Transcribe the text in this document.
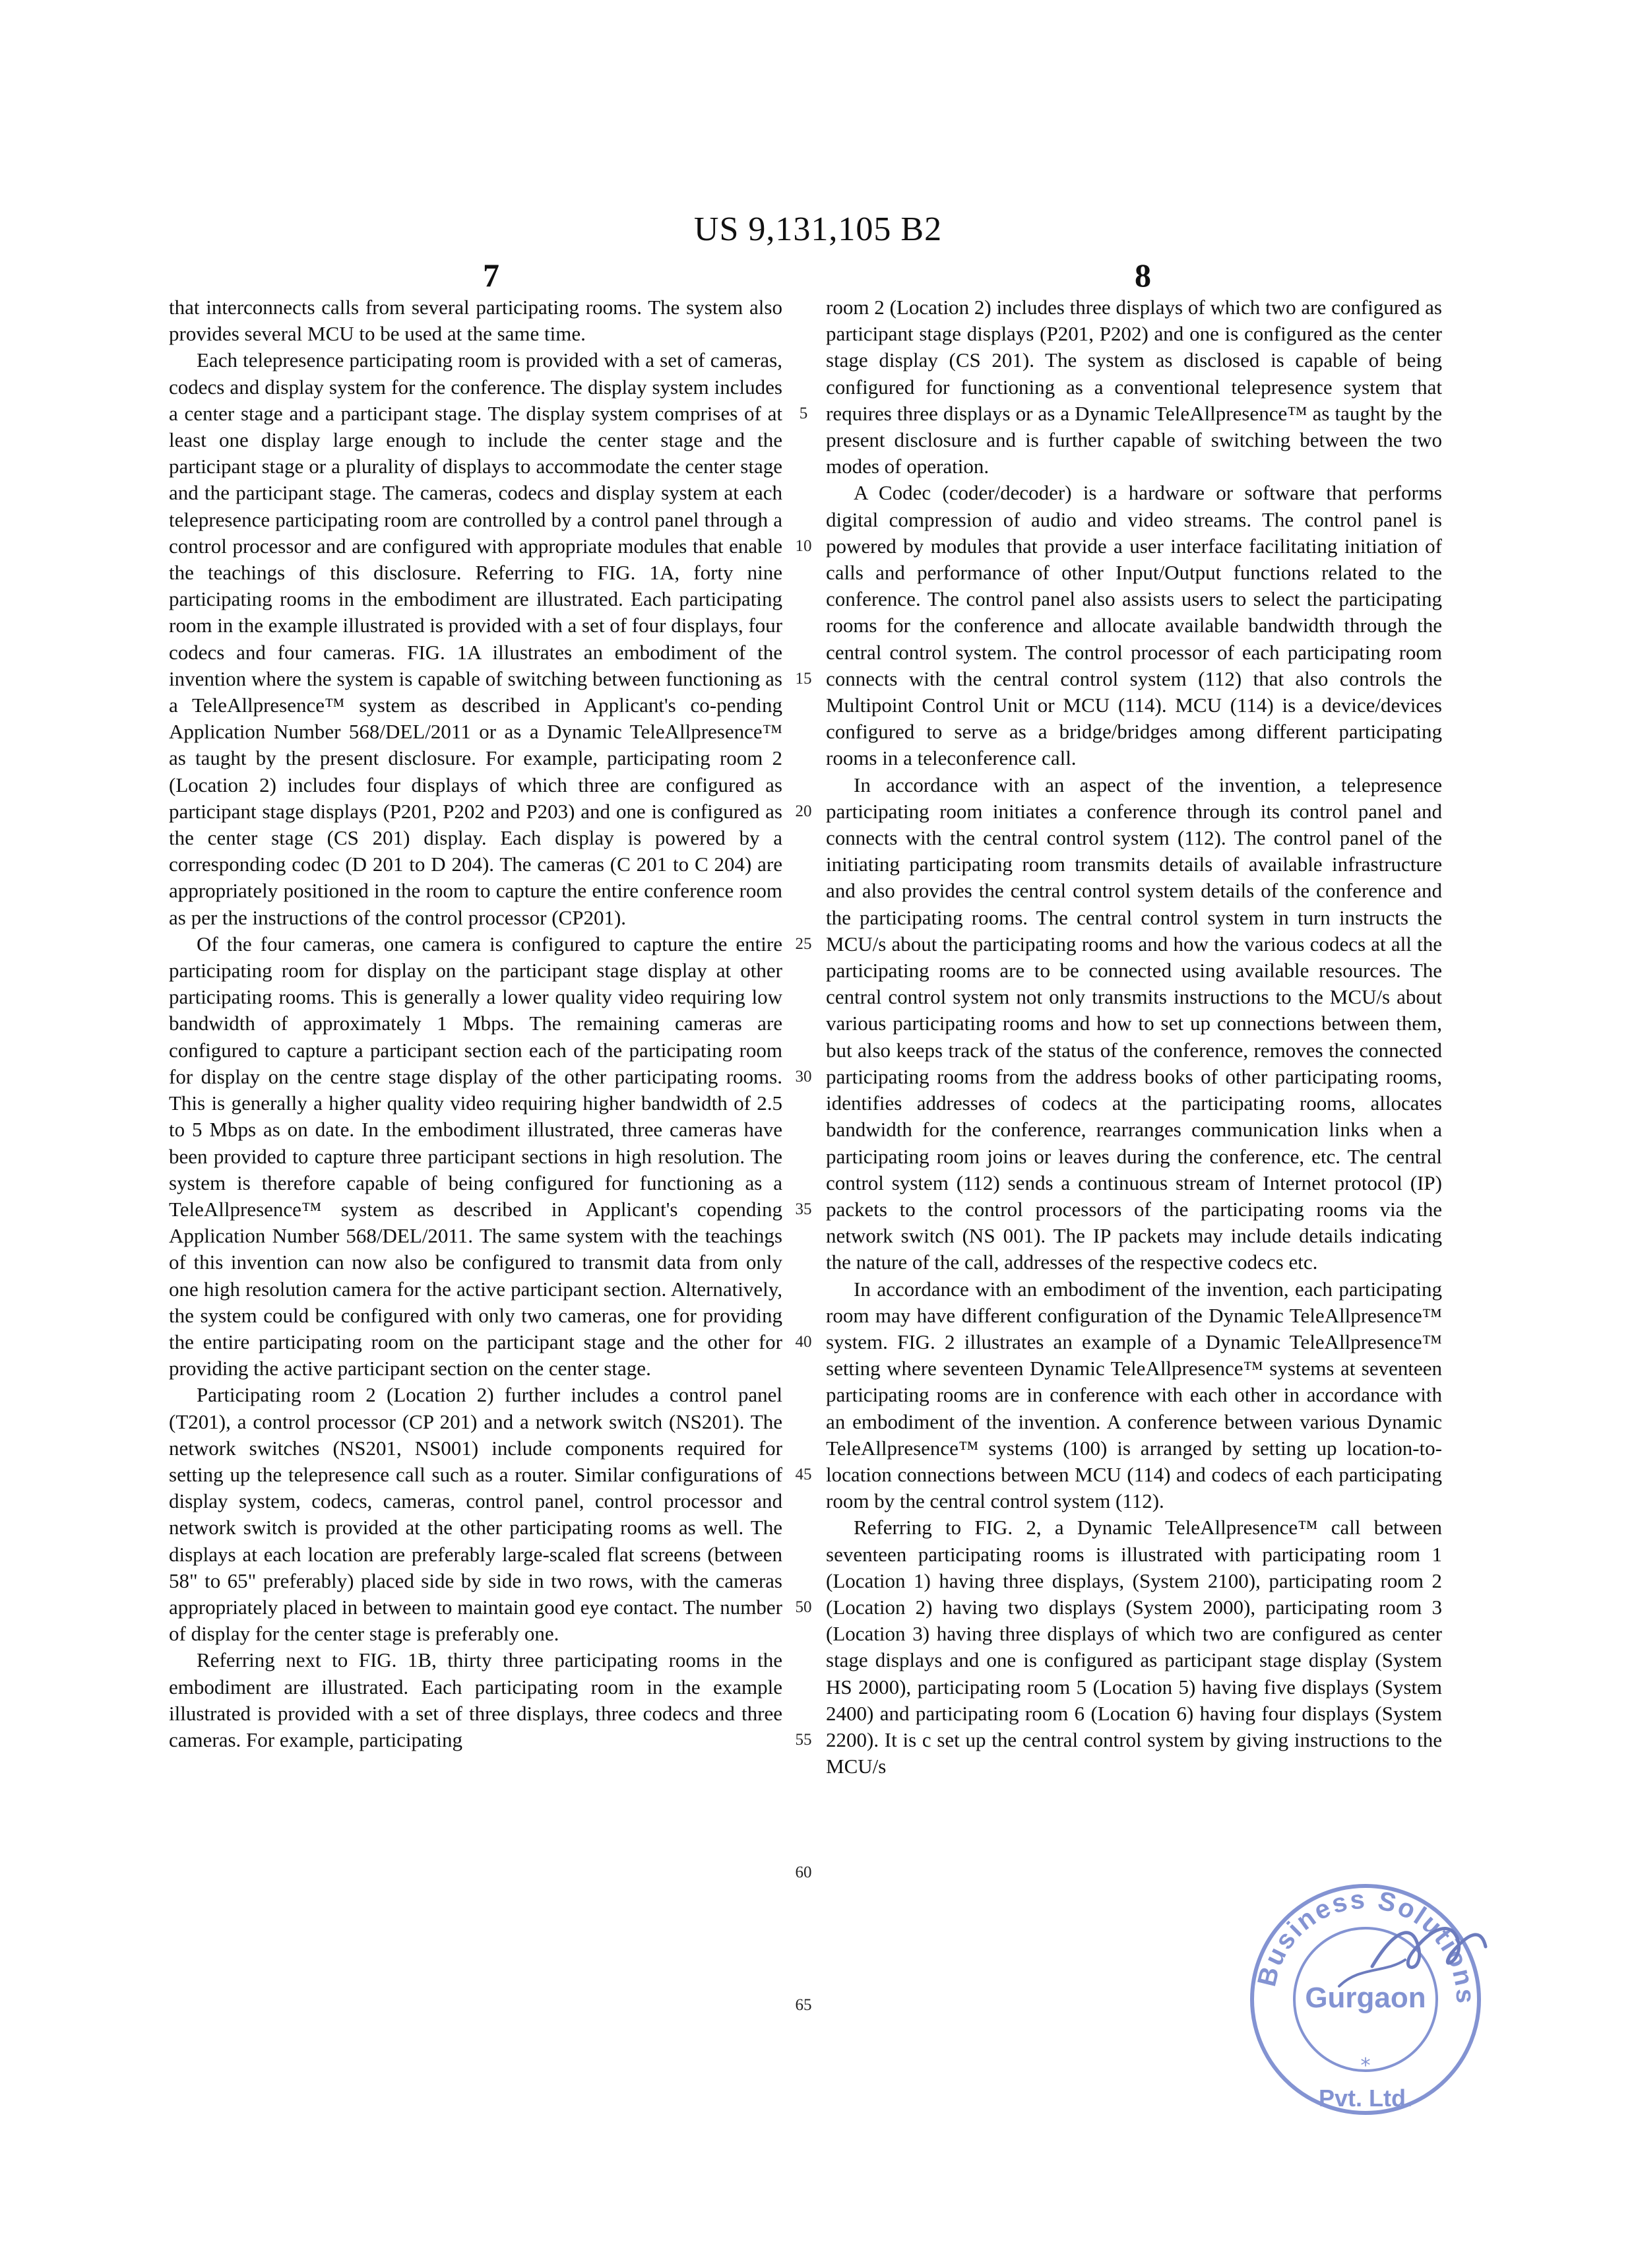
US 9,131,105 B2
7	8

that interconnects calls from several participating rooms. The system also provides several MCU to be used at the same time.

Each telepresence participating room is provided with a set of cameras, codecs and display system for the conference. The display system includes a center stage and a participant stage. The display system comprises of at least one display large enough to include the center stage and the participant stage or a plurality of displays to accommodate the center stage and the participant stage. The cameras, codecs and display system at each telepresence participating room are controlled by a control panel through a control processor and are configured with appropriate modules that enable the teachings of this disclosure. Referring to FIG. 1A, forty nine participating rooms in the embodiment are illustrated. Each participating room in the example illustrated is provided with a set of four displays, four codecs and four cameras. FIG. 1A illustrates an embodiment of the invention where the system is capable of switching between functioning as a TeleAllpresence™ system as described in Applicant's co-pending Application Number 568/DEL/2011 or as a Dynamic TeleAllpresence™ as taught by the present disclosure. For example, participating room 2 (Location 2) includes four displays of which three are configured as participant stage displays (P201, P202 and P203) and one is configured as the center stage (CS 201) display. Each display is powered by a corresponding codec (D 201 to D 204). The cameras (C 201 to C 204) are appropriately positioned in the room to capture the entire conference room as per the instructions of the control processor (CP201).

Of the four cameras, one camera is configured to capture the entire participating room for display on the participant stage display at other participating rooms. This is generally a lower quality video requiring low bandwidth of approximately 1 Mbps. The remaining cameras are configured to capture a participant section each of the participating room for display on the centre stage display of the other participating rooms. This is generally a higher quality video requiring higher bandwidth of 2.5 to 5 Mbps as on date. In the embodiment illustrated, three cameras have been provided to capture three participant sections in high resolution. The system is therefore capable of being configured for functioning as a TeleAllpresence™ system as described in Applicant's copending Application Number 568/DEL/2011. The same system with the teachings of this invention can now also be configured to transmit data from only one high resolution camera for the active participant section. Alternatively, the system could be configured with only two cameras, one for providing the entire participating room on the participant stage and the other for providing the active participant section on the center stage.

Participating room 2 (Location 2) further includes a control panel (T201), a control processor (CP 201) and a network switch (NS201). The network switches (NS201, NS001) include components required for setting up the telepresence call such as a router. Similar configurations of display system, codecs, cameras, control panel, control processor and network switch is provided at the other participating rooms as well. The displays at each location are preferably large-scaled flat screens (between 58" to 65" preferably) placed side by side in two rows, with the cameras appropriately placed in between to maintain good eye contact. The number of display for the center stage is preferably one.

Referring next to FIG. 1B, thirty three participating rooms in the embodiment are illustrated. Each participating room in the example illustrated is provided with a set of three displays, three codecs and three cameras. For example, participating

5
10
15
20
25
30
35
40
45
50
55
60
65

room 2 (Location 2) includes three displays of which two are configured as participant stage displays (P201, P202) and one is configured as the center stage display (CS 201). The system as disclosed is capable of being configured for functioning as a conventional telepresence system that requires three displays or as a Dynamic TeleAllpresence™ as taught by the present disclosure and is further capable of switching between the two modes of operation.

A Codec (coder/decoder) is a hardware or software that performs digital compression of audio and video streams. The control panel is powered by modules that provide a user interface facilitating initiation of calls and performance of other Input/Output functions related to the conference. The control panel also assists users to select the participating rooms for the conference and allocate available bandwidth through the central control system. The control processor of each participating room connects with the central control system (112) that also controls the Multipoint Control Unit or MCU (114). MCU (114) is a device/devices configured to serve as a bridge/bridges among different participating rooms in a teleconference call.

In accordance with an aspect of the invention, a telepresence participating room initiates a conference through its control panel and connects with the central control system (112). The control panel of the initiating participating room transmits details of available infrastructure and also provides the central control system details of the conference and the participating rooms. The central control system in turn instructs the MCU/s about the participating rooms and how the various codecs at all the participating rooms are to be connected using available resources. The central control system not only transmits instructions to the MCU/s about various participating rooms and how to set up connections between them, but also keeps track of the status of the conference, removes the connected participating rooms from the address books of other participating rooms, identifies addresses of codecs at the participating rooms, allocates bandwidth for the conference, rearranges communication links when a participating room joins or leaves during the conference, etc. The central control system (112) sends a continuous stream of Internet protocol (IP) packets to the control processors of the participating rooms via the network switch (NS 001). The IP packets may include details indicating the nature of the call, addresses of the respective codecs etc.

In accordance with an embodiment of the invention, each participating room may have different configuration of the Dynamic TeleAllpresence™ system. FIG. 2 illustrates an example of a Dynamic TeleAllpresence™ setting where seventeen Dynamic TeleAllpresence™ systems at seventeen participating rooms are in conference with each other in accordance with an embodiment of the invention. A conference between various Dynamic TeleAllpresence™ systems (100) is arranged by setting up location-to-location connections between MCU (114) and codecs of each participating room by the central control system (112).

Referring to FIG. 2, a Dynamic TeleAllpresence™ call between seventeen participating rooms is illustrated with participating room 1 (Location 1) having three displays, (System 2100), participating room 2 (Location 2) having two displays (System 2000), participating room 3 (Location 3) having three displays of which two are configured as center stage displays and one is configured as participant stage display (System HS 2000), participating room 5 (Location 5) having five displays (System 2400) and participating room 6 (Location 6) having four displays (System 2200). It is c set up the central control system by giving instructions to the MCU/s

Business Solutions
Gurgaon
Pvt. Ltd.
*
